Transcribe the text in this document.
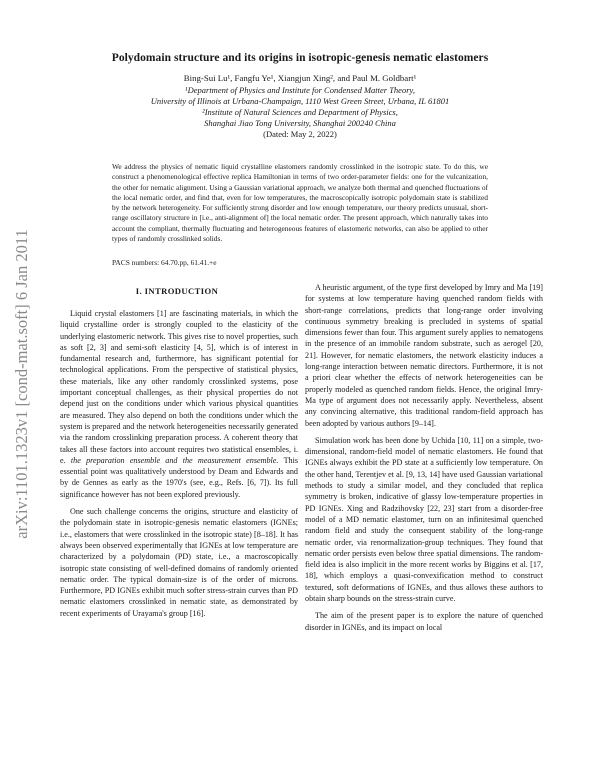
arXiv:1101.1323v1 [cond-mat.soft] 6 Jan 2011
Polydomain structure and its origins in isotropic-genesis nematic elastomers
Bing-Sui Lu¹, Fangfu Ye¹, Xiangjun Xing², and Paul M. Goldbart¹
¹Department of Physics and Institute for Condensed Matter Theory,
University of Illinois at Urbana-Champaign, 1110 West Green Street, Urbana, IL 61801
²Institute of Natural Sciences and Department of Physics,
Shanghai Jiao Tong University, Shanghai 200240 China
(Dated: May 2, 2022)
We address the physics of nematic liquid crystalline elastomers randomly crosslinked in the isotropic state. To do this, we construct a phenomenological effective replica Hamiltonian in terms of two order-parameter fields: one for the vulcanization, the other for nematic alignment. Using a Gaussian variational approach, we analyze both thermal and quenched fluctuations of the local nematic order, and find that, even for low temperatures, the macroscopically isotropic polydomain state is stabilized by the network heterogeneity. For sufficiently strong disorder and low enough temperature, our theory predicts unusual, short-range oscillatory structure in [i.e., anti-alignment of] the local nematic order. The present approach, which naturally takes into account the compliant, thermally fluctuating and heterogeneous features of elastomeric networks, can also be applied to other types of randomly crosslinked solids.
PACS numbers: 64.70.pp, 61.41.+e
I. INTRODUCTION

Liquid crystal elastomers [1] are fascinating materials, in which the liquid crystalline order is strongly coupled to the elasticity of the underlying elastomeric network. This gives rise to novel properties, such as soft [2, 3] and semi-soft elasticity [4, 5], which is of interest in fundamental research and, furthermore, has significant potential for technological applications. From the perspective of statistical physics, these materials, like any other randomly crosslinked systems, pose important conceptual challenges, as their physical properties do not depend just on the conditions under which various physical quantities are measured. They also depend on both the conditions under which the system is prepared and the network heterogeneities necessarily generated via the random crosslinking preparation process. A coherent theory that takes all these factors into account requires two statistical ensembles, i. e. the preparation ensemble and the measurement ensemble. This essential point was qualitatively understood by Deam and Edwards and by de Gennes as early as the 1970's (see, e.g., Refs. [6, 7]). Its full significance however has not been explored previously.

One such challenge concerns the origins, structure and elasticity of the polydomain state in isotropic-genesis nematic elastomers (IGNEs; i.e., elastomers that were crosslinked in the isotropic state) [8–18]. It has always been observed experimentally that IGNEs at low temperature are characterized by a polydomain (PD) state, i.e., a macroscopically isotropic state consisting of well-defined domains of randomly oriented nematic order. The typical domain-size is of the order of microns. Furthermore, PD IGNEs exhibit much softer stress-strain curves than PD nematic elastomers crosslinked in nematic state, as demonstrated by recent experiments of Urayama's group [16].

A heuristic argument, of the type first developed by Imry and Ma [19] for systems at low temperature having quenched random fields with short-range correlations, predicts that long-range order involving continuous symmetry breaking is precluded in systems of spatial dimensions fewer than four. This argument surely applies to nematogens in the presence of an immobile random substrate, such as aerogel [20, 21]. However, for nematic elastomers, the network elasticity induces a long-range interaction between nematic directors. Furthermore, it is not a priori clear whether the effects of network heterogeneities can be properly modeled as quenched random fields. Hence, the original Imry-Ma type of argument does not necessarily apply. Nevertheless, absent any convincing alternative, this traditional random-field approach has been adopted by various authors [9–14].

Simulation work has been done by Uchida [10, 11] on a simple, two-dimensional, random-field model of nematic elastomers. He found that IGNEs always exhibit the PD state at a sufficiently low temperature. On the other hand, Terentjev et al. [9, 13, 14] have used Gaussian variational methods to study a similar model, and they concluded that replica symmetry is broken, indicative of glassy low-temperature properties in PD IGNEs. Xing and Radzihovsky [22, 23] start from a disorder-free model of a MD nematic elastomer, turn on an infinitesimal quenched random field and study the consequent stability of the long-range nematic order, via renormalization-group techniques. They found that nematic order persists even below three spatial dimensions. The random-field idea is also implicit in the more recent works by Biggins et al. [17, 18], which employs a quasi-convexification method to construct textured, soft deformations of IGNEs, and thus allows these authors to obtain sharp bounds on the stress-strain curve.

The aim of the present paper is to explore the nature of quenched disorder in IGNEs, and its impact on local
